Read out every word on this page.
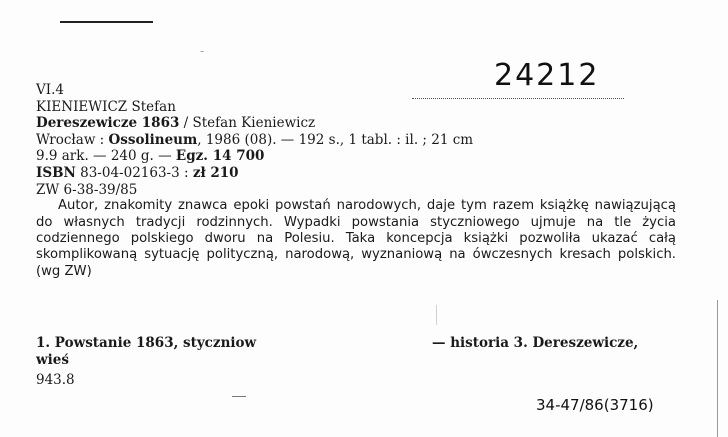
-
24212
VI.4
KIENIEWICZ Stefan
Dereszewicze 1863 / Stefan Kieniewicz
Wrocław : Ossolineum, 1986 (08). — 192 s., 1 tabl. : il. ; 21 cm
9.9 ark. — 240 g. — Egz. 14 700
ISBN 83-04-02163-3 : zł 210
ZW 6-38-39/85
Autor, znakomity znawca epoki powstań narodowych, daje tym razem książkę nawiązującą do własnych tradycji rodzinnych. Wypadki powstania styczniowego ujmuje na tle życia codziennego polskiego dworu na Polesiu. Taka koncepcja książki pozwoliła ukazać całą skomplikowaną sytuację polityczną, narodową, wyznaniową na ówczesnych kresach polskich. (wg ZW)
1. Powstanie 1863, styczniow
wieś
— historia 3. Dereszewicze,
943.8
34-47/86(3716)
